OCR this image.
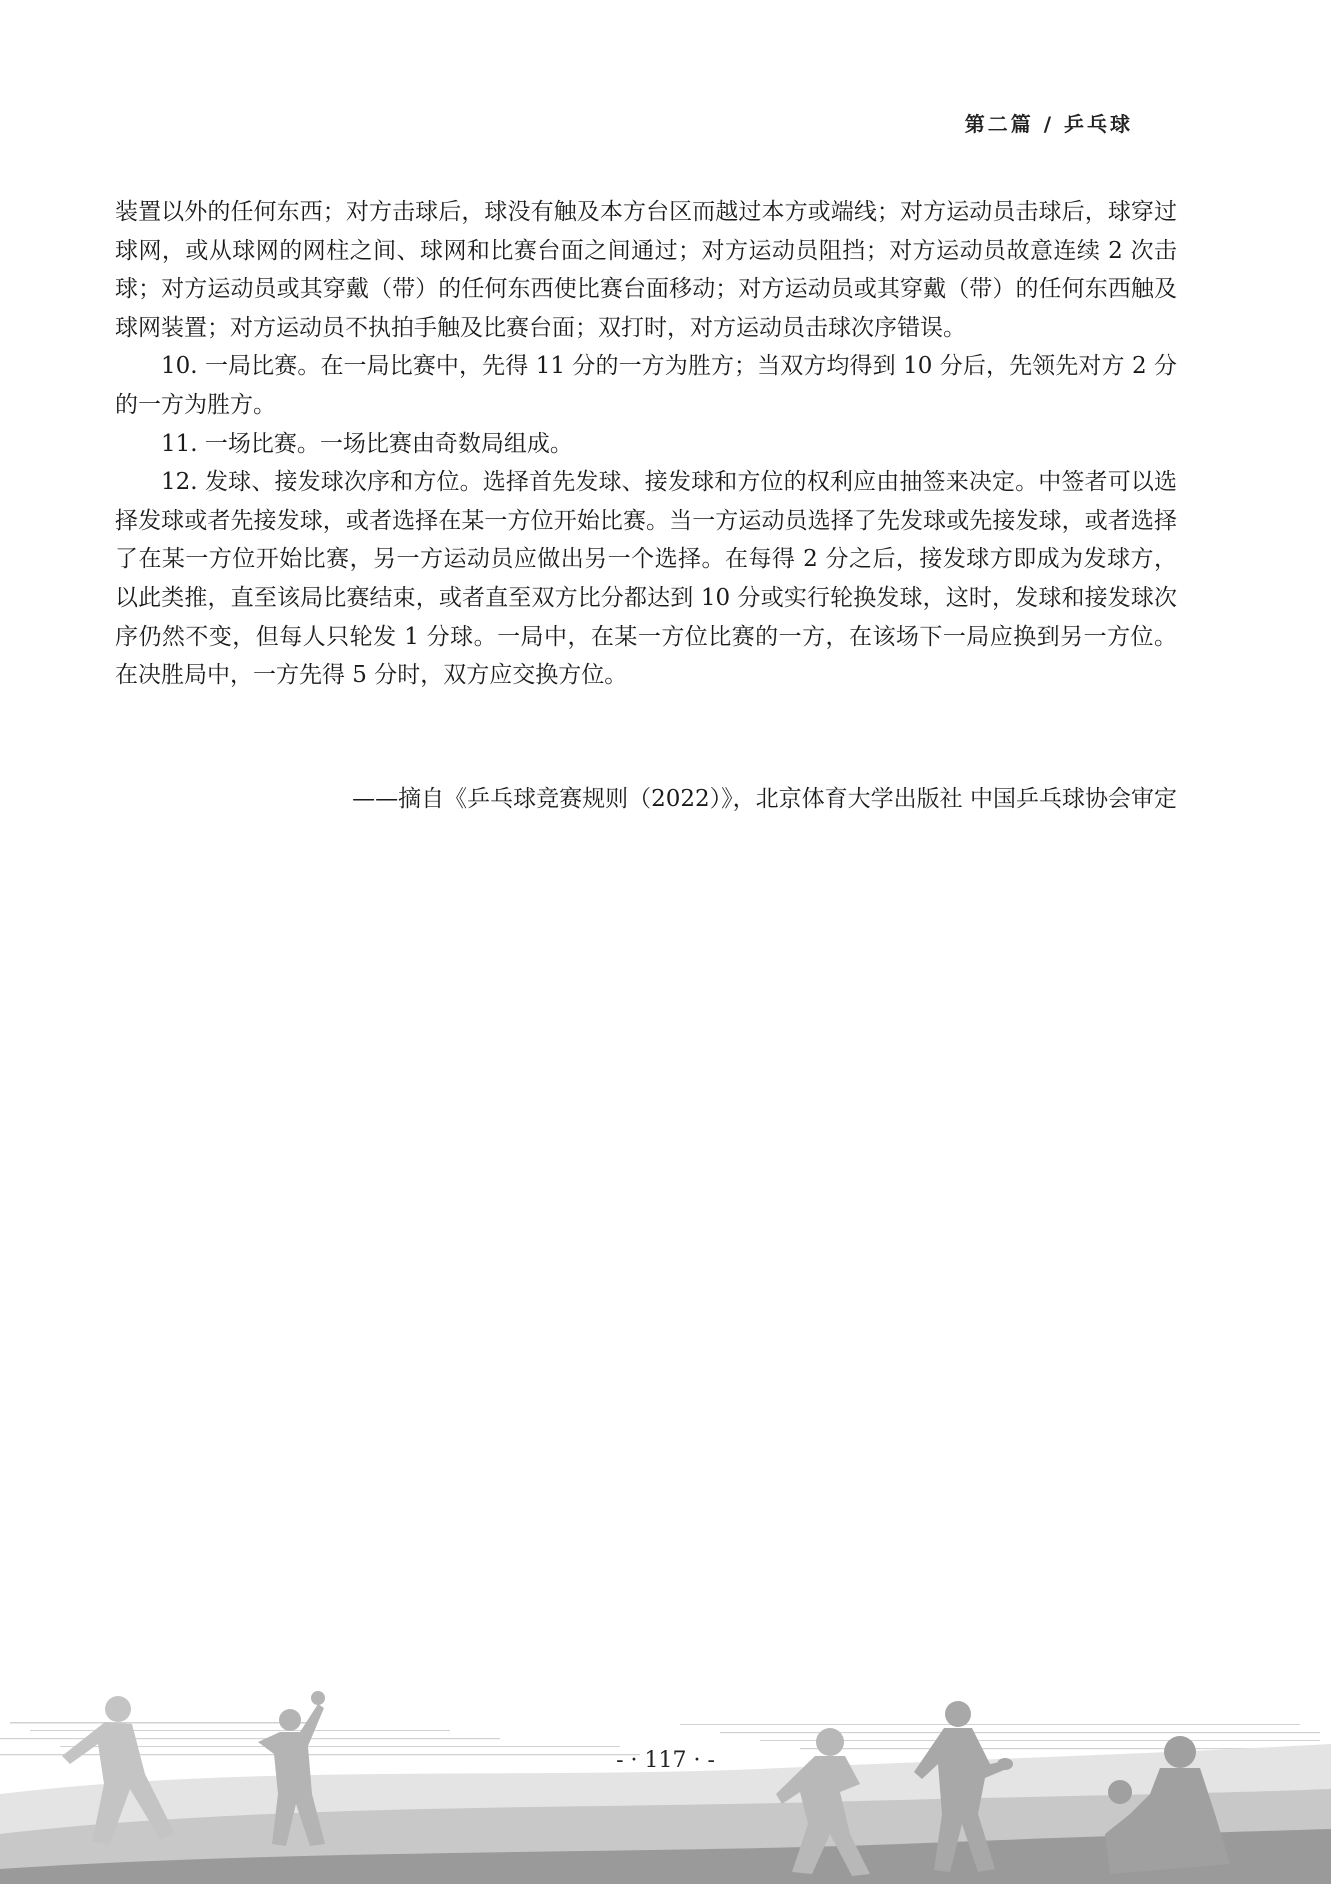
第二篇 / 乒乓球

装置以外的任何东西；对方击球后，球没有触及本方台区而越过本方或端线；对方运动员击球后，球穿过球网，或从球网的网柱之间、球网和比赛台面之间通过；对方运动员阻挡；对方运动员故意连续 2 次击球；对方运动员或其穿戴（带）的任何东西使比赛台面移动；对方运动员或其穿戴（带）的任何东西触及球网装置；对方运动员不执拍手触及比赛台面；双打时，对方运动员击球次序错误。

10. 一局比赛。在一局比赛中，先得 11 分的一方为胜方；当双方均得到 10 分后，先领先对方 2 分的一方为胜方。

11. 一场比赛。一场比赛由奇数局组成。

12. 发球、接发球次序和方位。选择首先发球、接发球和方位的权利应由抽签来决定。中签者可以选择发球或者先接发球，或者选择在某一方位开始比赛。当一方运动员选择了先发球或先接发球，或者选择了在某一方位开始比赛，另一方运动员应做出另一个选择。在每得 2 分之后，接发球方即成为发球方，以此类推，直至该局比赛结束，或者直至双方比分都达到 10 分或实行轮换发球，这时，发球和接发球次序仍然不变，但每人只轮发 1 分球。一局中，在某一方位比赛的一方，在该场下一局应换到另一方位。在决胜局中，一方先得 5 分时，双方应交换方位。

——摘自《乒乓球竞赛规则（2022）》，北京体育大学出版社 中国乒乓球协会审定
- · 117 · -
